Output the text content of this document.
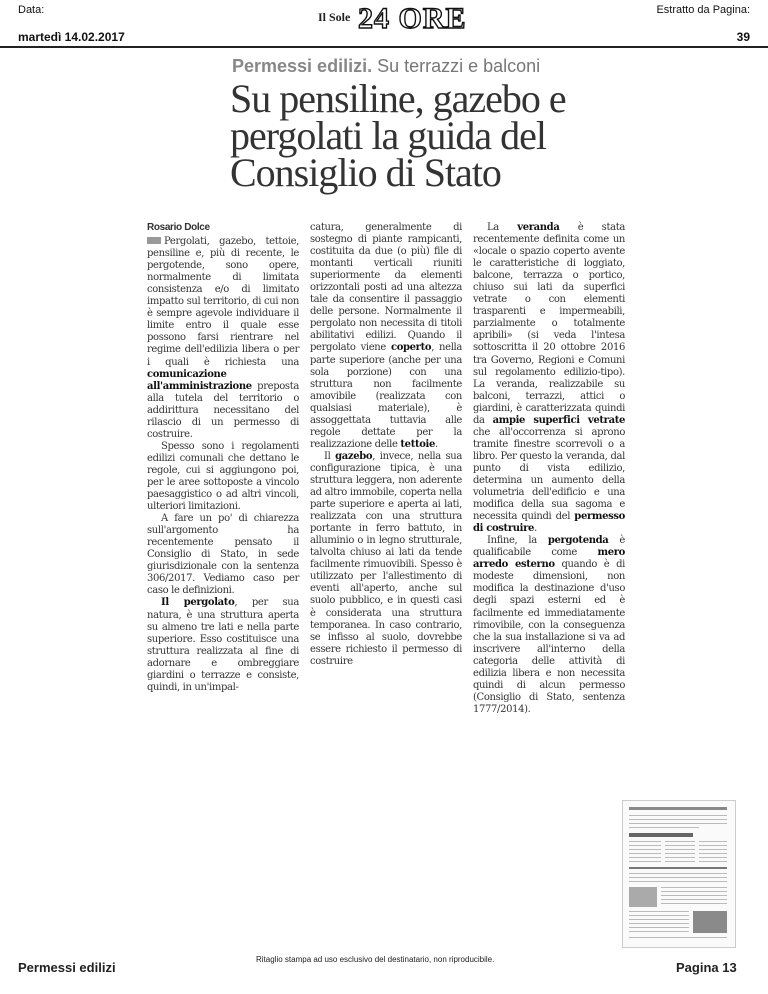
Data:
martedì 14.02.2017
Il Sole 24 ORE	Estratto da Pagina:
39
Permessi edilizi. Su terrazzi e balconi
Su pensiline, gazebo e pergolati la guida del Consiglio di Stato
Rosario Dolce

Pergolati, gazebo, tettoie, pensiline e, più di recente, le pergotende, sono opere, normalmente di limitata consistenza e/o di limitato impatto sul territorio, di cui non è sempre agevole individuare il limite entro il quale esse possono farsi rientrare nel regime dell'edilizia libera o per i quali è richiesta una comunicazione all'amministrazione preposta alla tutela del territorio o addirittura necessitano del rilascio di un permesso di costruire.

Spesso sono i regolamenti edilizi comunali che dettano le regole, cui si aggiungono poi, per le aree sottoposte a vincolo paesaggistico o ad altri vincoli, ulteriori limitazioni.

A fare un po' di chiarezza sull'argomento ha recentemente pensato il Consiglio di Stato, in sede giurisdizionale con la sentenza 306/2017. Vediamo caso per caso le definizioni.

Il pergolato, per sua natura, è una struttura aperta su almeno tre lati e nella parte superiore. Esso costituisce una struttura realizzata al fine di adornare e ombreggiare giardini o terrazze e consiste, quindi, in un'impal-

catura, generalmente di sostegno di piante rampicanti, costituita da due (o più) file di montanti verticali riuniti superiormente da elementi orizzontali posti ad una altezza tale da consentire il passaggio delle persone. Normalmente il pergolato non necessita di titoli abilitativi edilizi. Quando il pergolato viene coperto, nella parte superiore (anche per una sola porzione) con una struttura non facilmente amovibile (realizzata con qualsiasi materiale), è assoggettata tuttavia alle regole dettate per la realizzazione delle tettoie.

Il gazebo, invece, nella sua configurazione tipica, è una struttura leggera, non aderente ad altro immobile, coperta nella parte superiore e aperta ai lati, realizzata con una struttura portante in ferro battuto, in alluminio o in legno strutturale, talvolta chiuso ai lati da tende facilmente rimuovibili. Spesso è utilizzato per l'allestimento di eventi all'aperto, anche sul suolo pubblico, e in questi casi è considerata una struttura temporanea. In caso contrario, se infisso al suolo, dovrebbe essere richiesto il permesso di costruire

La veranda è stata recentemente definita come un «locale o spazio coperto avente le caratteristiche di loggiato, balcone, terrazza o portico, chiuso sui lati da superfici vetrate o con elementi trasparenti e impermeabili, parzialmente o totalmente apribili» (si veda l'intesa sottoscritta il 20 ottobre 2016 tra Governo, Regioni e Comuni sul regolamento edilizio-tipo). La veranda, realizzabile su balconi, terrazzi, attici o giardini, è caratterizzata quindi da ampie superfici vetrate che all'occorrenza si aprono tramite finestre scorrevoli o a libro. Per questo la veranda, dal punto di vista edilizio, determina un aumento della volumetria dell'edificio e una modifica della sua sagoma e necessita quindi del permesso di costruire.

Infine, la pergotenda è qualificabile come mero arredo esterno quando è di modeste dimensioni, non modifica la destinazione d'uso degli spazi esterni ed è facilmente ed immediatamente rimovibile, con la conseguenza che la sua installazione si va ad inscrivere all'interno della categoria delle attività di edilizia libera e non necessita quindi di alcun permesso (Consiglio di Stato, sentenza 1777/2014).

Permessi edilizi
Ritaglio stampa ad uso esclusivo del destinatario, non riproducibile.
Pagina 13
